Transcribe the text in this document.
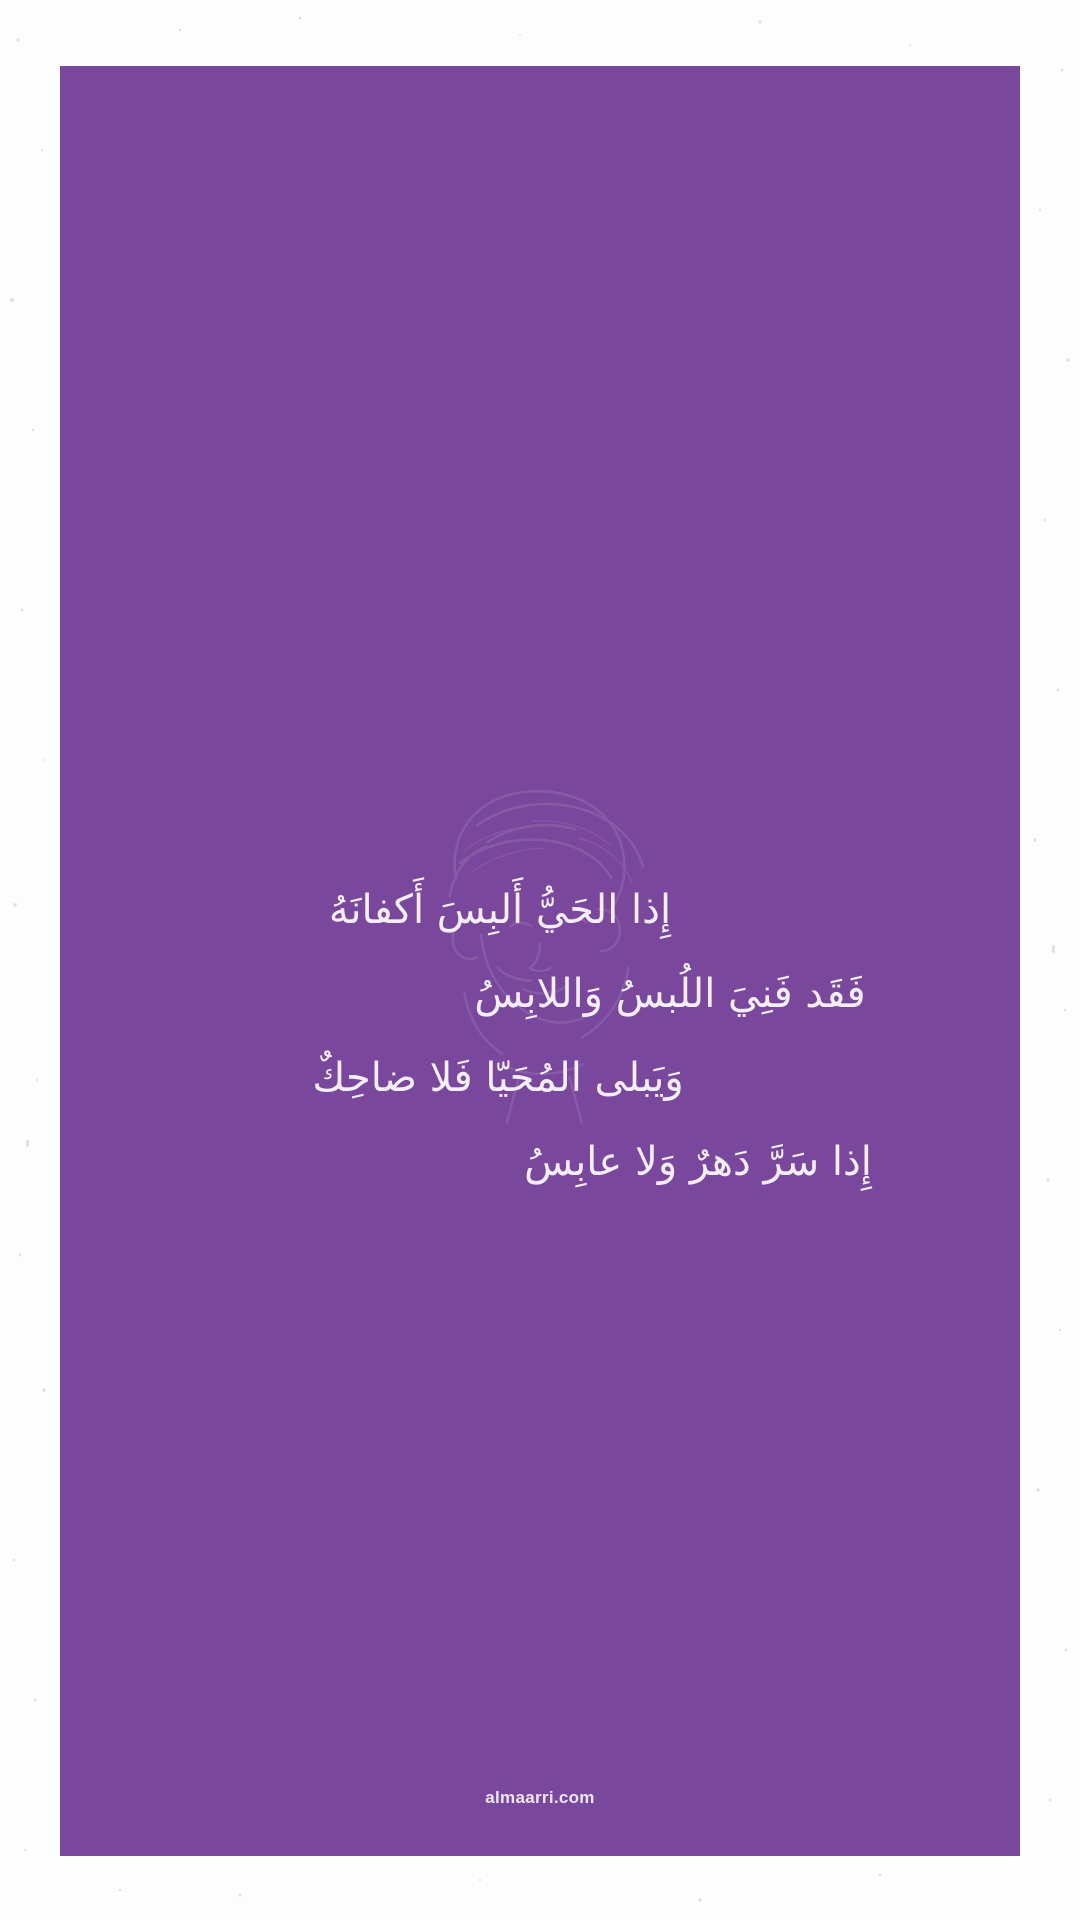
إِذا الحَيُّ أَلبِسَ أَكفانَهُ
فَقَد فَنِيَ اللُبسُ وَاللابِسُ
وَيَبلى المُحَيّا فَلا ضاحِكٌ
إِذا سَرَّ دَهرٌ وَلا عابِسُ
almaarri.com
